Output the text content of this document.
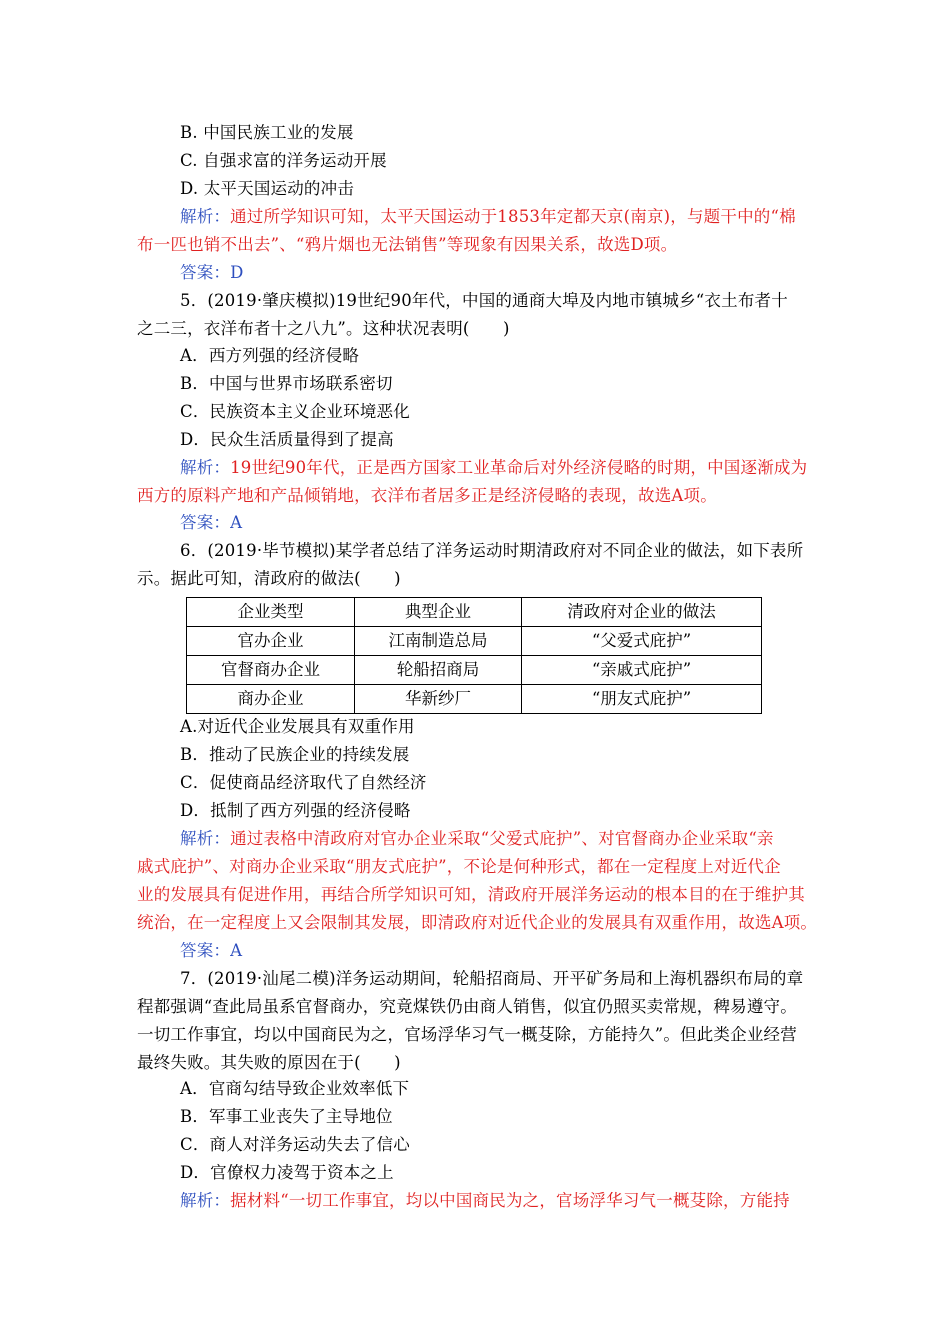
B. 中国民族工业的发展
C. 自强求富的洋务运动开展
D. 太平天国运动的冲击
解析：通过所学知识可知，太平天国运动于1853年定都天京(南京)，与题干中的“棉
布一匹也销不出去”、“鸦片烟也无法销售”等现象有因果关系，故选D项。
答案：D
5．(2019·肇庆模拟)19世纪90年代，中国的通商大埠及内地市镇城乡“衣土布者十
之二三，衣洋布者十之八九”。这种状况表明(　　)
A．西方列强的经济侵略
B．中国与世界市场联系密切
C．民族资本主义企业环境恶化
D．民众生活质量得到了提高
解析：19世纪90年代，正是西方国家工业革命后对外经济侵略的时期，中国逐渐成为
西方的原料产地和产品倾销地，衣洋布者居多正是经济侵略的表现，故选A项。
答案：A
6．(2019·毕节模拟)某学者总结了洋务运动时期清政府对不同企业的做法，如下表所
示。据此可知，清政府的做法(　　)
企业类型	典型企业	清政府对企业的做法
官办企业	江南制造总局	“父爱式庇护”
官督商办企业	轮船招商局	“亲戚式庇护”
商办企业	华新纱厂	“朋友式庇护”
A.对近代企业发展具有双重作用
B．推动了民族企业的持续发展
C．促使商品经济取代了自然经济
D．抵制了西方列强的经济侵略
解析：通过表格中清政府对官办企业采取“父爱式庇护”、对官督商办企业采取“亲
戚式庇护”、对商办企业采取“朋友式庇护”，不论是何种形式，都在一定程度上对近代企
业的发展具有促进作用，再结合所学知识可知，清政府开展洋务运动的根本目的在于维护其
统治，在一定程度上又会限制其发展，即清政府对近代企业的发展具有双重作用，故选A项。
答案：A
7．(2019·汕尾二模)洋务运动期间，轮船招商局、开平矿务局和上海机器织布局的章
程都强调“查此局虽系官督商办，究竟煤铁仍由商人销售，似宜仍照买卖常规，稗易遵守。
一切工作事宜，均以中国商民为之，官场浮华习气一概芟除，方能持久”。但此类企业经营
最终失败。其失败的原因在于(　　)
A．官商勾结导致企业效率低下
B．军事工业丧失了主导地位
C．商人对洋务运动失去了信心
D．官僚权力凌驾于资本之上
解析：据材料“一切工作事宜，均以中国商民为之，官场浮华习气一概芟除，方能持
